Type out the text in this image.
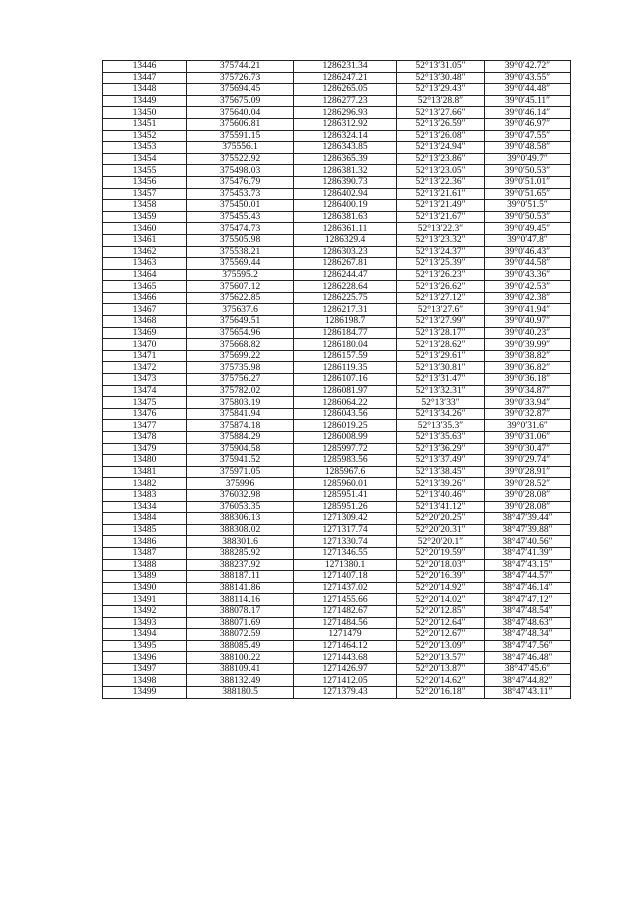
13446	375744.21	1286231.34	52°13′31.05″	39°0′42.72″
13447	375726.73	1286247.21	52°13′30.48″	39°0′43.55″
13448	375694.45	1286265.05	52°13′29.43″	39°0′44.48″
13449	375675.09	1286277.23	52°13′28.8″	39°0′45.11″
13450	375640.04	1286296.93	52°13′27.66″	39°0′46.14″
13451	375606.81	1286312.92	52°13′26.59″	39°0′46.97″
13452	375591.15	1286324.14	52°13′26.08″	39°0′47.55″
13453	375556.1	1286343.85	52°13′24.94″	39°0′48.58″
13454	375522.92	1286365.39	52°13′23.86″	39°0′49.7″
13455	375498.03	1286381.32	52°13′23.05″	39°0′50.53″
13456	375476.79	1286390.73	52°13′22.36″	39°0′51.01″
13457	375453.73	1286402.94	52°13′21.61″	39°0′51.65″
13458	375450.01	1286400.19	52°13′21.49″	39°0′51.5″
13459	375455.43	1286381.63	52°13′21.67″	39°0′50.53″
13460	375474.73	1286361.11	52°13′22.3″	39°0′49.45″
13461	375505.98	1286329.4	52°13′23.32″	39°0′47.8″
13462	375538.21	1286303.23	52°13′24.37″	39°0′46.43″
13463	375569.44	1286267.81	52°13′25.39″	39°0′44.58″
13464	375595.2	1286244.47	52°13′26.23″	39°0′43.36″
13465	375607.12	1286228.64	52°13′26.62″	39°0′42.53″
13466	375622.85	1286225.75	52°13′27.12″	39°0′42.38″
13467	375637.6	1286217.31	52°13′27.6″	39°0′41.94″
13468	375649.51	1286198.7	52°13′27.99″	39°0′40.97″
13469	375654.96	1286184.77	52°13′28.17″	39°0′40.23″
13470	375668.82	1286180.04	52°13′28.62″	39°0′39.99″
13471	375699.22	1286157.59	52°13′29.61″	39°0′38.82″
13472	375735.98	1286119.35	52°13′30.81″	39°0′36.82″
13473	375756.27	1286107.16	52°13′31.47″	39°0′36.18″
13474	375782.02	1286081.97	52°13′32.31″	39°0′34.87″
13475	375803.19	1286064.22	52°13′33″	39°0′33.94″
13476	375841.94	1286043.56	52°13′34.26″	39°0′32.87″
13477	375874.18	1286019.25	52°13′35.3″	39°0′31.6″
13478	375884.29	1286008.99	52°13′35.63″	39°0′31.06″
13479	375904.58	1285997.72	52°13′36.29″	39°0′30.47″
13480	375941.52	1285983.56	52°13′37.49″	39°0′29.74″
13481	375971.05	1285967.6	52°13′38.45″	39°0′28.91″
13482	375996	1285960.01	52°13′39.26″	39°0′28.52″
13483	376032.98	1285951.41	52°13′40.46″	39°0′28.08″
13434	376053.35	1285951.26	52°13′41.12″	39°0′28.08″
13484	388306.13	1271309.42	52°20′20.25″	38°47′39.44″
13485	388308.02	1271317.74	52°20′20.31″	38°47′39.88″
13486	388301.6	1271330.74	52°20′20.1″	38°47′40.56″
13487	388285.92	1271346.55	52°20′19.59″	38°47′41.39″
13488	388237.92	1271380.1	52°20′18.03″	38°47′43.15″
13489	388187.11	1271407.18	52°20′16.39″	38°47′44.57″
13490	388141.86	1271437.02	52°20′14.92″	38°47′46.14″
13491	388114.16	1271455.66	52°20′14.02″	38°47′47.12″
13492	388078.17	1271482.67	52°20′12.85″	38°47′48.54″
13493	388071.69	1271484.56	52°20′12.64″	38°47′48.63″
13494	388072.59	1271479	52°20′12.67″	38°47′48.34″
13495	388085.49	1271464.12	52°20′13.09″	38°47′47.56″
13496	388100.22	1271443.68	52°20′13.57″	38°47′46.48″
13497	388109.41	1271426.97	52°20′13.87″	38°47′45.6″
13498	388132.49	1271412.05	52°20′14.62″	38°47′44.82″
13499	388180.5	1271379.43	52°20′16.18″	38°47′43.11″
